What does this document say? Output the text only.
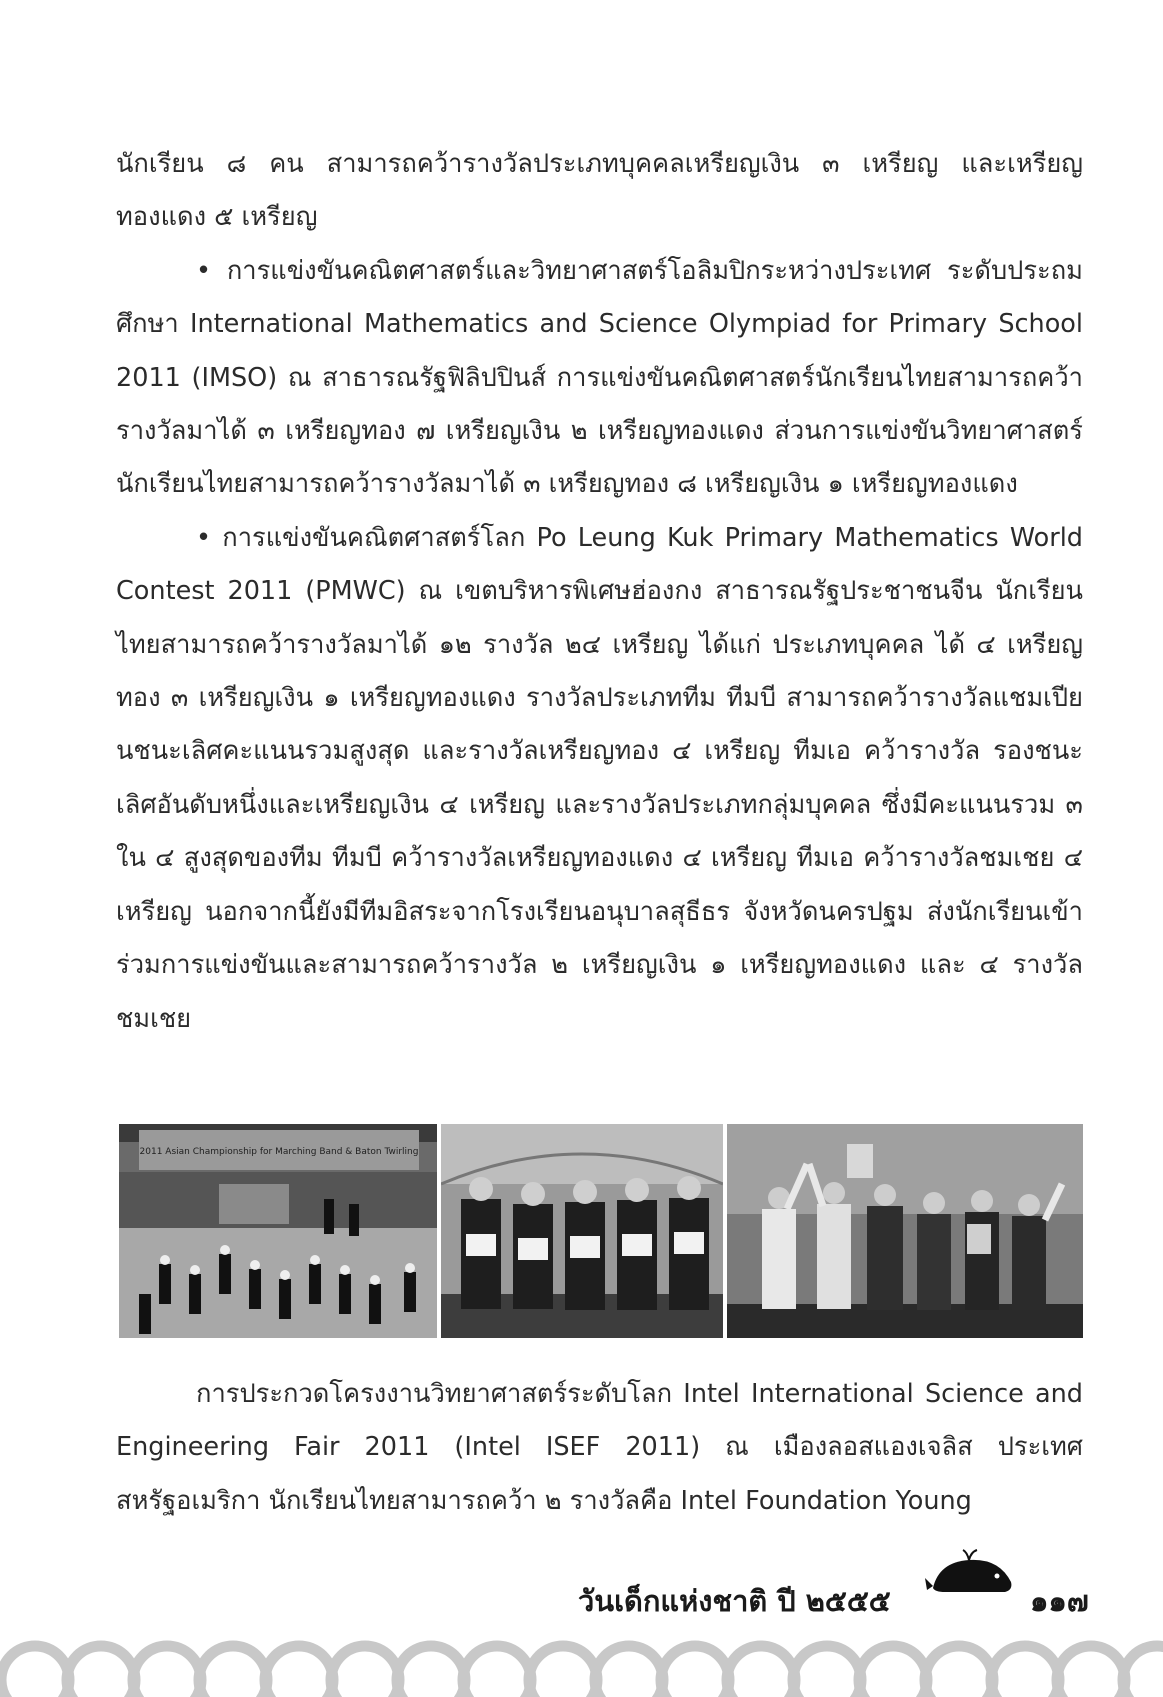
นักเรียน ๘ คน สามารถคว้ารางวัลประเภทบุคคลเหรียญเงิน ๓ เหรียญ และเหรียญทองแดง ๕ เหรียญ

• การแข่งขันคณิตศาสตร์และวิทยาศาสตร์โอลิมปิกระหว่างประเทศ ระดับประถมศึกษา International Mathematics and Science Olympiad for Primary School 2011 (IMSO) ณ สาธารณรัฐฟิลิปปินส์ การแข่งขันคณิตศาสตร์นักเรียนไทยสามารถคว้ารางวัลมาได้ ๓ เหรียญทอง ๗ เหรียญเงิน ๒ เหรียญทองแดง ส่วนการแข่งขันวิทยาศาสตร์ นักเรียนไทยสามารถคว้ารางวัลมาได้ ๓ เหรียญทอง ๘ เหรียญเงิน ๑ เหรียญทองแดง

• การแข่งขันคณิตศาสตร์โลก Po Leung Kuk Primary Mathematics World Contest 2011 (PMWC) ณ เขตบริหารพิเศษฮ่องกง สาธารณรัฐประชาชนจีน นักเรียนไทยสามารถคว้ารางวัลมาได้ ๑๒ รางวัล ๒๔ เหรียญ ได้แก่ ประเภทบุคคล ได้ ๔ เหรียญทอง ๓ เหรียญเงิน ๑ เหรียญทองแดง รางวัลประเภททีม ทีมบี สามารถคว้ารางวัลแชมเปียนชนะเลิศคะแนนรวมสูงสุด และรางวัลเหรียญทอง ๔ เหรียญ ทีมเอ คว้ารางวัล รองชนะเลิศอันดับหนึ่งและเหรียญเงิน ๔ เหรียญ และรางวัลประเภทกลุ่มบุคคล ซึ่งมีคะแนนรวม ๓ ใน ๔ สูงสุดของทีม ทีมบี คว้ารางวัลเหรียญทองแดง ๔ เหรียญ ทีมเอ คว้ารางวัลชมเชย ๔ เหรียญ นอกจากนี้ยังมีทีมอิสระจากโรงเรียนอนุบาลสุธีธร จังหวัดนครปฐม ส่งนักเรียนเข้าร่วมการแข่งขันและสามารถคว้ารางวัล ๒ เหรียญเงิน ๑ เหรียญทองแดง และ ๔ รางวัลชมเชย

2011 Asian Championship for Marching Band & Baton Twirling

การประกวดโครงงานวิทยาศาสตร์ระดับโลก Intel International Science and Engineering Fair 2011 (Intel ISEF 2011) ณ เมืองลอสแองเจลิส ประเทศสหรัฐอเมริกา นักเรียนไทยสามารถคว้า ๒ รางวัลคือ Intel Foundation Young

วันเด็กแห่งชาติ ปี ๒๕๕๕	๑๑๗
